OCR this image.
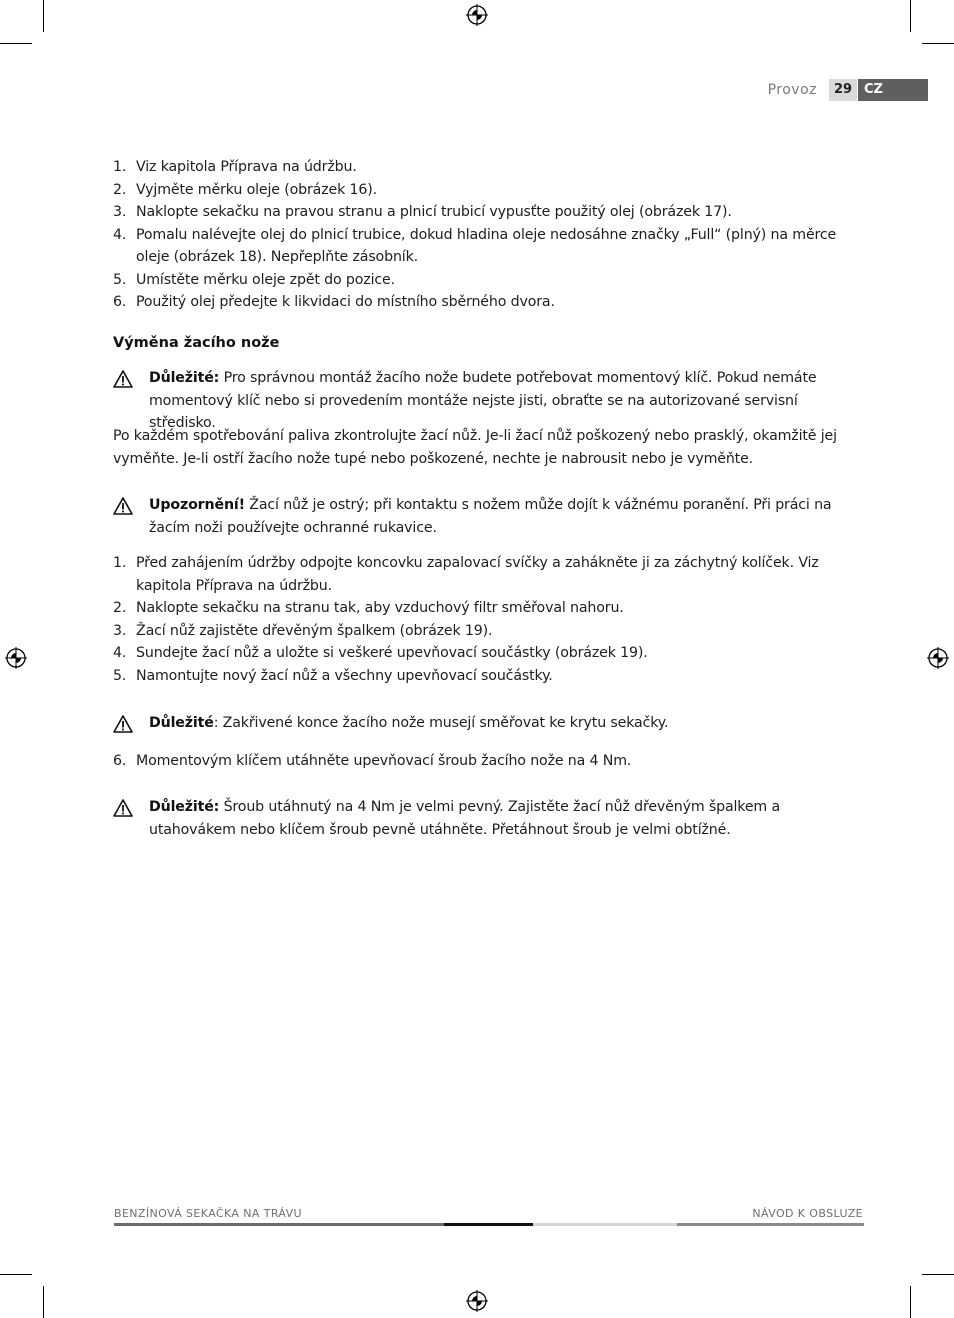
Provoz	29 CZ
1. Viz kapitola Příprava na údržbu.
2. Vyjměte měrku oleje (obrázek 16).
3. Naklopte sekačku na pravou stranu a plnicí trubicí vypusťte použitý olej (obrázek 17).
4. Pomalu nalévejte olej do plnicí trubice, dokud hladina oleje nedosáhne značky „Full“ (plný) na měrce oleje (obrázek 18). Nepřeplňte zásobník.
5. Umístěte měrku oleje zpět do pozice.
6. Použitý olej předejte k likvidaci do místního sběrného dvora.
Výměna žacího nože
Důležité: Pro správnou montáž žacího nože budete potřebovat momentový klíč. Pokud nemáte momentový klíč nebo si provedením montáže nejste jisti, obraťte se na autorizované servisní středisko.
Po každém spotřebování paliva zkontrolujte žací nůž. Je-li žací nůž poškozený nebo prasklý, okamžitě jej vyměňte. Je-li ostří žacího nože tupé nebo poškozené, nechte je nabrousit nebo je vyměňte.
Upozornění! Žací nůž je ostrý; při kontaktu s nožem může dojít k vážnému poranění. Při práci na žacím noži používejte ochranné rukavice.
1. Před zahájením údržby odpojte koncovku zapalovací svíčky a zahákněte ji za záchytný kolíček. Viz kapitola Příprava na údržbu.
2. Naklopte sekačku na stranu tak, aby vzduchový filtr směřoval nahoru.
3. Žací nůž zajistěte dřevěným špalkem (obrázek 19).
4. Sundejte žací nůž a uložte si veškeré upevňovací součástky (obrázek 19).
5. Namontujte nový žací nůž a všechny upevňovací součástky.
Důležité: Zakřivené konce žacího nože musejí směřovat ke krytu sekačky.
6. Momentovým klíčem utáhněte upevňovací šroub žacího nože na 4 Nm.
Důležité: Šroub utáhnutý na 4 Nm je velmi pevný. Zajistěte žací nůž dřevěným špalkem a utahovákem nebo klíčem šroub pevně utáhněte. Přetáhnout šroub je velmi obtížné.
BENZÍNOVÁ SEKAČKA NA TRÁVU	NÁVOD K OBSLUZE
